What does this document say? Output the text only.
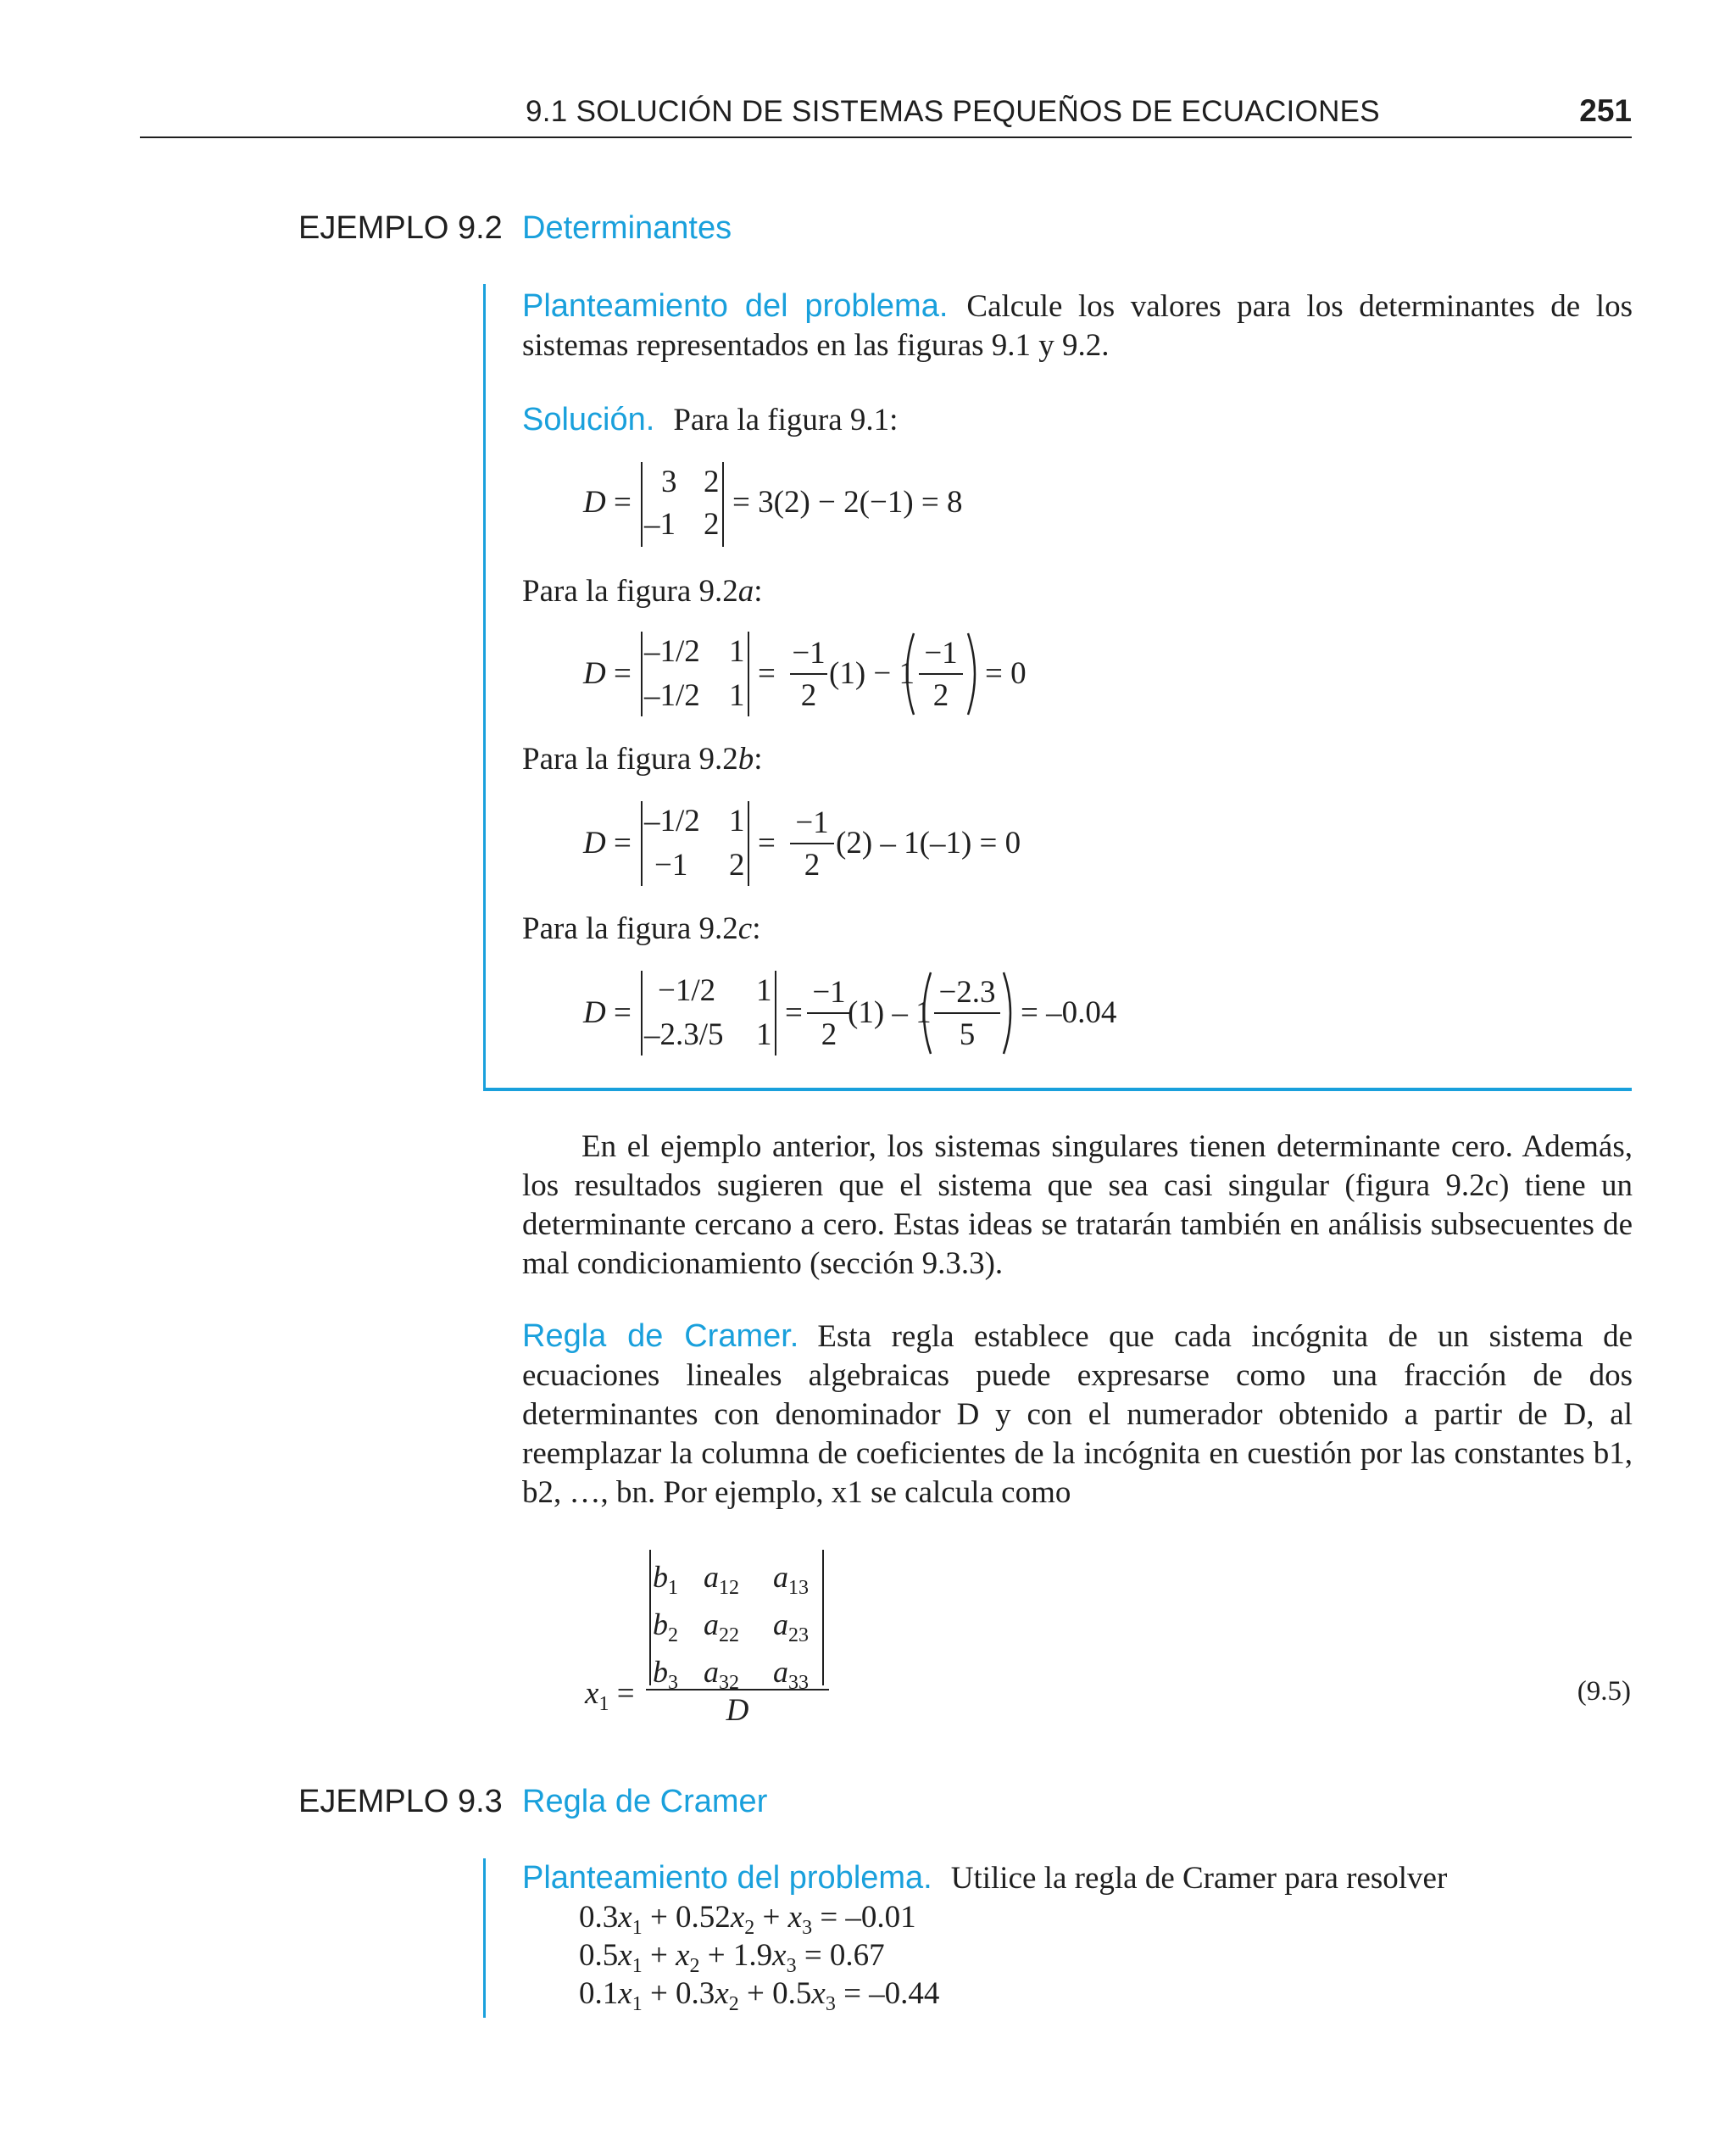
9.1 SOLUCIÓN DE SISTEMAS PEQUEÑOS DE ECUACIONES	251
EJEMPLO 9.2 Determinantes
Planteamiento del problema. Calcule los valores para los determinantes de los sistemas representados en las figuras 9.1 y 9.2.
Solución. Para la figura 9.1:
D =
3 2
–1 2
= 3(2) − 2(−1) = 8
Para la figura 9.2a:
D =
–1/2 1
–1/2 1
=
−1
2
(1) − 1
−1
2
= 0
Para la figura 9.2b:
D =
–1/2 1
−1 2
=
−1
2
(2) – 1(–1) = 0
Para la figura 9.2c:
D =
−1/2 1
–2.3/5 1
=
−1
2
(1) – 1
−2.3
5
= –0.04
En el ejemplo anterior, los sistemas singulares tienen determinante cero. Además, los resultados sugieren que el sistema que sea casi singular (figura 9.2c) tiene un determinante cercano a cero. Estas ideas se tratarán también en análisis subsecuentes de mal condicionamiento (sección 9.3.3).
Regla de Cramer. Esta regla establece que cada incógnita de un sistema de ecuaciones lineales algebraicas puede expresarse como una fracción de dos determinantes con denominador D y con el numerador obtenido a partir de D, al reemplazar la columna de coeficientes de la incógnita en cuestión por las constantes b1, b2, …, bn. Por ejemplo, x1 se calcula como
$x_1$ =
$b_1$ $a_{12}$ $a_{13}$
$b_2$ $a_{22}$ $a_{23}$
$b_3$ $a_{32}$ $a_{33}$
D
(9.5)
EJEMPLO 9.3 Regla de Cramer
Planteamiento del problema. Utilice la regla de Cramer para resolver
$0.3x_1 + 0.52x_2 + x_3 = -0.01$
$0.5x_1 + x_2 + 1.9x_3 = 0.67$
$0.1x_1 + 0.3x_2 + 0.5x_3 = -0.44$
